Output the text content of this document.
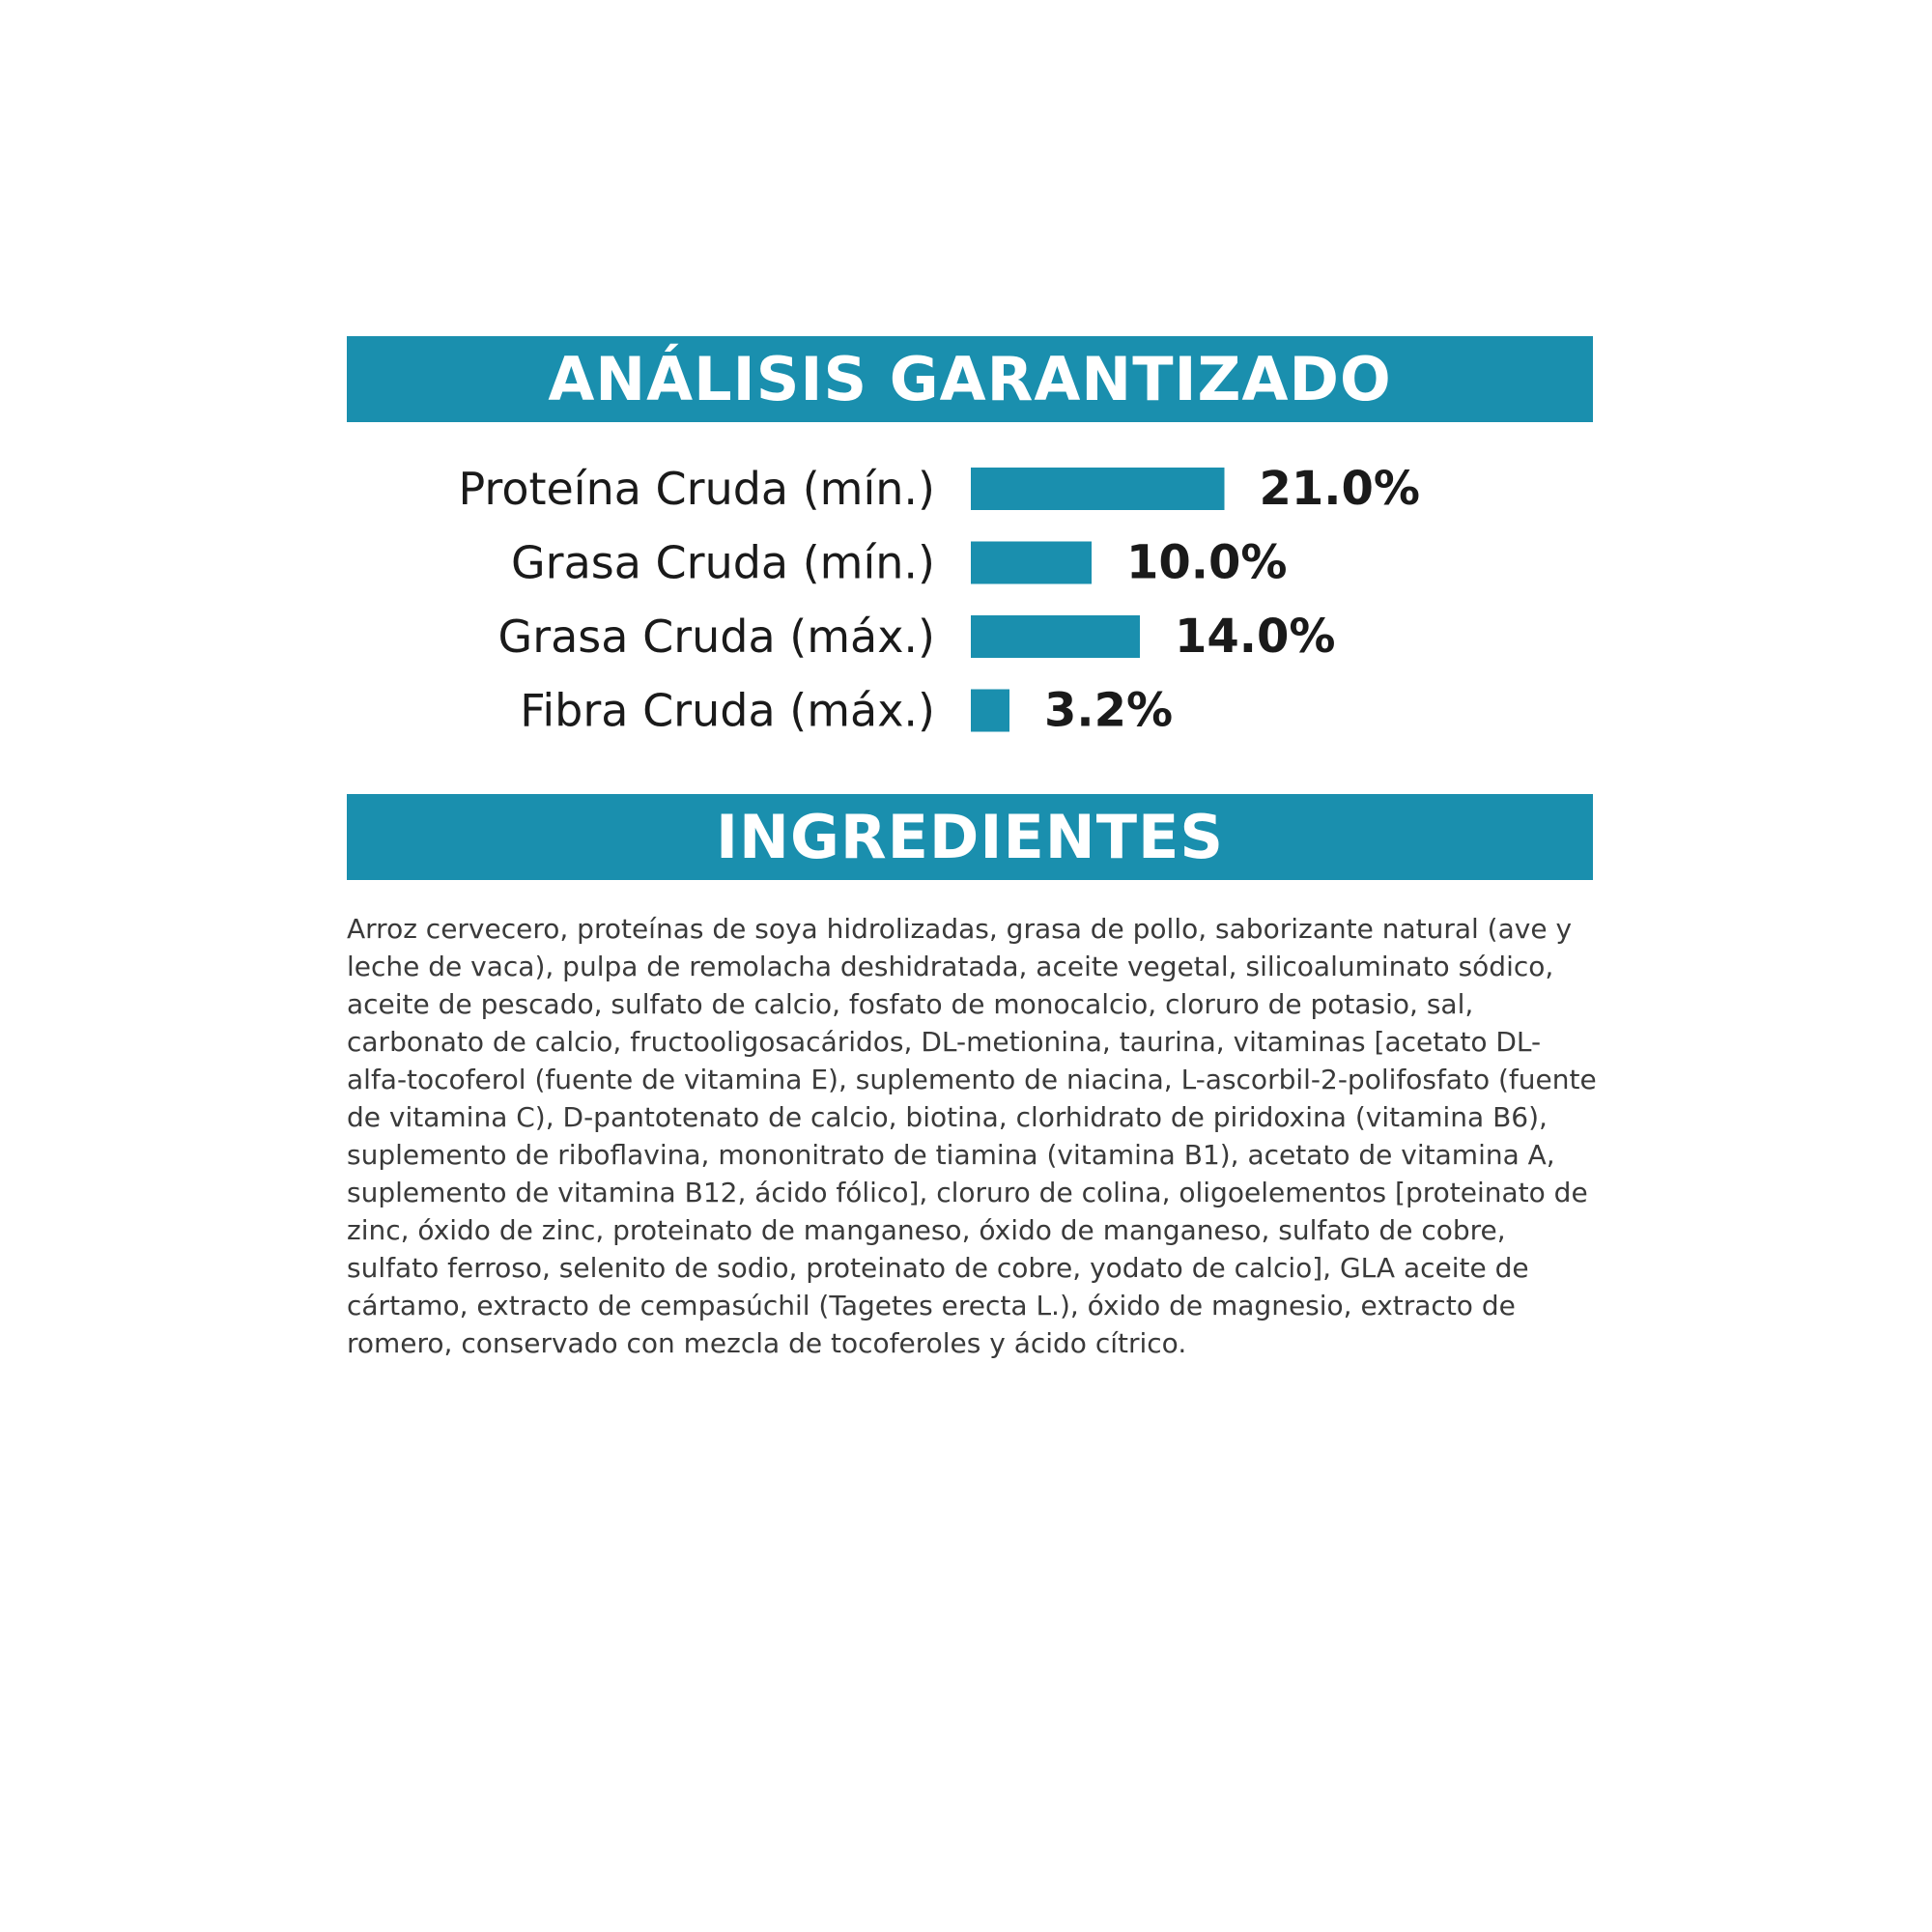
ANÁLISIS GARANTIZADO
Proteína Cruda (mín.)	21.0%
Grasa Cruda (mín.)	10.0%
Grasa Cruda (máx.)	14.0%
Fibra Cruda (máx.) 3.2%
INGREDIENTES

Arroz cervecero, proteínas de soya hidrolizadas, grasa de pollo, saborizante natural (ave y leche de vaca), pulpa de remolacha deshidratada, aceite vegetal, silicoaluminato sódico, aceite de pescado, sulfato de calcio, fosfato de monocalcio, cloruro de potasio, sal, carbonato de calcio, fructooligosacáridos, DL-metionina, taurina, vitaminas [acetato DL-alfa-tocoferol (fuente de vitamina E), suplemento de niacina, L-ascorbil-2-polifosfato (fuente de vitamina C), D-pantotenato de calcio, biotina, clorhidrato de piridoxina (vitamina B6), suplemento de riboflavina, mononitrato de tiamina (vitamina B1), acetato de vitamina A, suplemento de vitamina B12, ácido fólico], cloruro de colina, oligoelementos [proteinato de zinc, óxido de zinc, proteinato de manganeso, óxido de manganeso, sulfato de cobre, sulfato ferroso, selenito de sodio, proteinato de cobre, yodato de calcio], GLA aceite de cártamo, extracto de cempasúchil (Tagetes erecta L.), óxido de magnesio, extracto de romero, conservado con mezcla de tocoferoles y ácido cítrico.
